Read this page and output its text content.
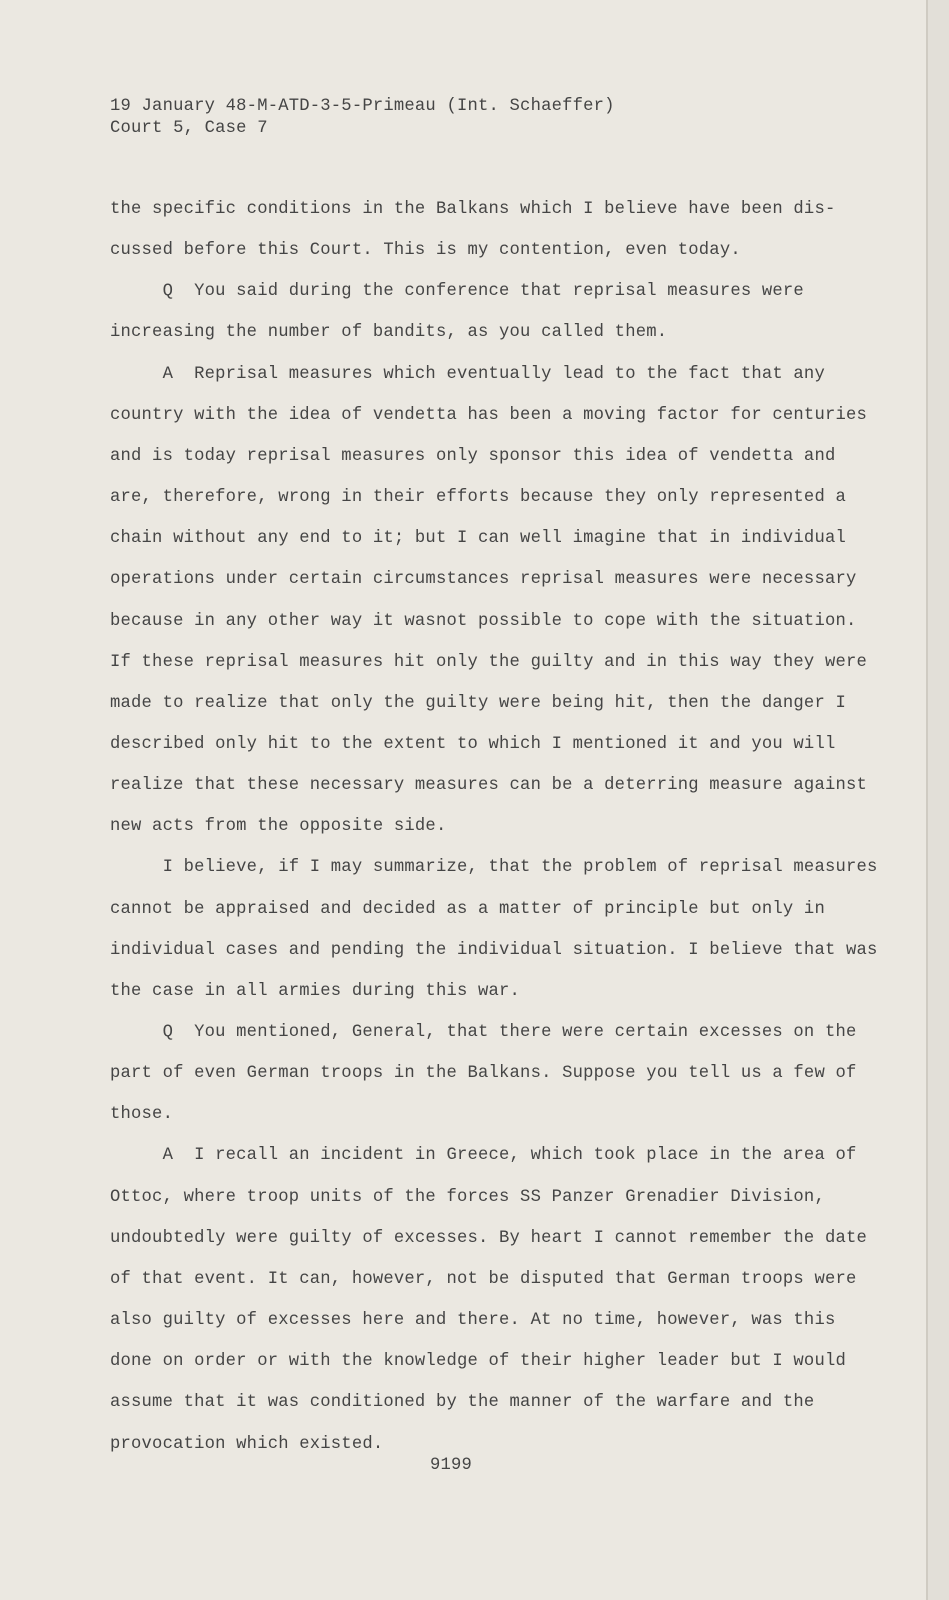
19 January 48-M-ATD-3-5-Primeau (Int. Schaeffer)
Court 5, Case 7
the specific conditions in the Balkans which I believe have been dis-
cussed before this Court. This is my contention, even today.
Q  You said during the conference that reprisal measures were
increasing the number of bandits, as you called them.
A  Reprisal measures which eventually lead to the fact that any
country with the idea of vendetta has been a moving factor for centuries
and is today reprisal measures only sponsor this idea of vendetta and
are, therefore, wrong in their efforts because they only represented a
chain without any end to it; but I can well imagine that in individual
operations under certain circumstances reprisal measures were necessary
because in any other way it wasnot possible to cope with the situation.
If these reprisal measures hit only the guilty and in this way they were
made to realize that only the guilty were being hit, then the danger I
described only hit to the extent to which I mentioned it and you will
realize that these necessary measures can be a deterring measure against
new acts from the opposite side.
I believe, if I may summarize, that the problem of reprisal measures
cannot be appraised and decided as a matter of principle but only in
individual cases and pending the individual situation. I believe that was
the case in all armies during this war.
Q  You mentioned, General, that there were certain excesses on the
part of even German troops in the Balkans. Suppose you tell us a few of
those.
A  I recall an incident in Greece, which took place in the area of
Ottoc, where troop units of the forces SS Panzer Grenadier Division,
undoubtedly were guilty of excesses. By heart I cannot remember the date
of that event. It can, however, not be disputed that German troops were
also guilty of excesses here and there. At no time, however, was this
done on order or with the knowledge of their higher leader but I would
assume that it was conditioned by the manner of the warfare and the
provocation which existed.
9199
